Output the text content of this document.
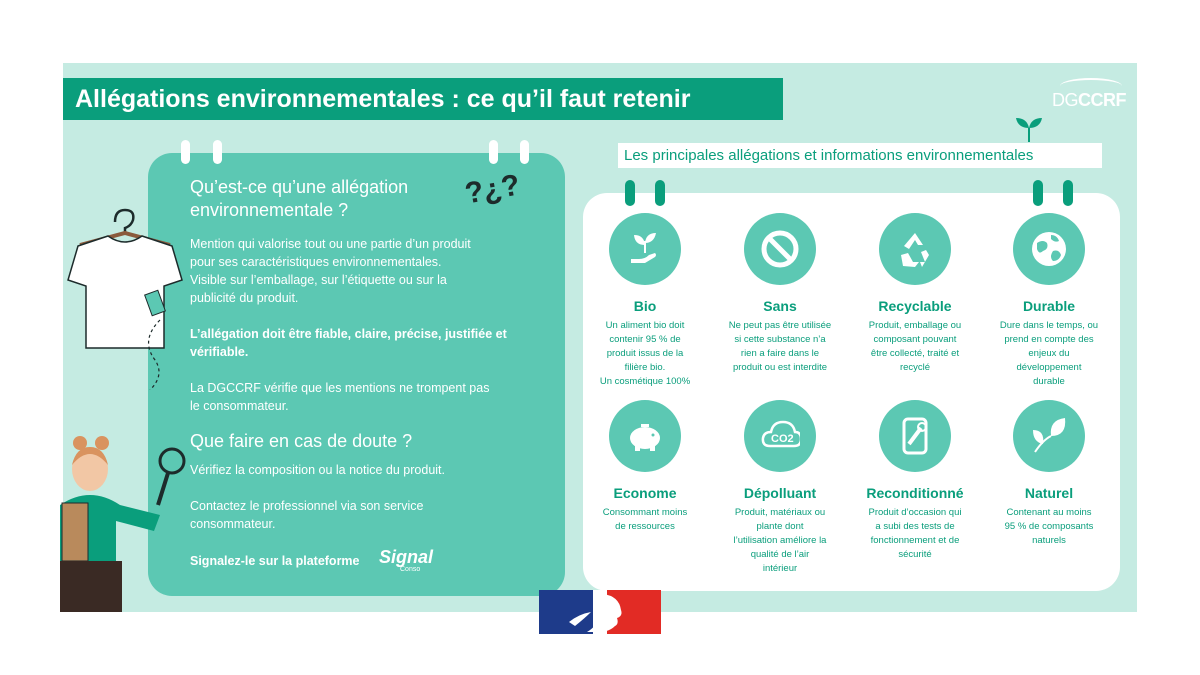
Allégations environnementales : ce qu’il faut retenir	DGCCRF
Qu’est-ce qu’une allégation
environnementale ?	?¿?
Mention qui valorise tout ou une partie d’un produit
pour ses caractéristiques environnementales.
Visible sur l’emballage, sur l’étiquette ou sur la
publicité du produit.
L’allégation doit être fiable, claire, précise, justifiée et
vérifiable.
La DGCCRF vérifie que les mentions ne trompent pas
le consommateur.
Que faire en cas de doute ?
Vérifiez la composition ou la notice du produit.
Contactez le professionnel via son service
consommateur.
Signalez-le sur la plateforme Signal
Conso
Les principales allégations et informations environnementales
Bio
Un aliment bio doit
contenir 95 % de
produit issus de la
filière bio.
Un cosmétique 100%
Sans
Ne peut pas être utilisée
si cette substance n’a
rien a faire dans le
produit ou est interdite
Recyclable
Produit, emballage ou
composant pouvant
être collecté, traité et
recyclé
Durable
Dure dans le temps, ou
prend en compte des
enjeux du
développement
durable
Econome
Consommant moins
de ressources
CO2
Dépolluant
Produit, matériaux ou
plante dont
l’utilisation améliore la
qualité de l’air
intérieur
Reconditionné
Produit d’occasion qui
a subi des tests de
fonctionnement et de
sécurité
Naturel
Contenant au moins
95 % de composants
naturels
